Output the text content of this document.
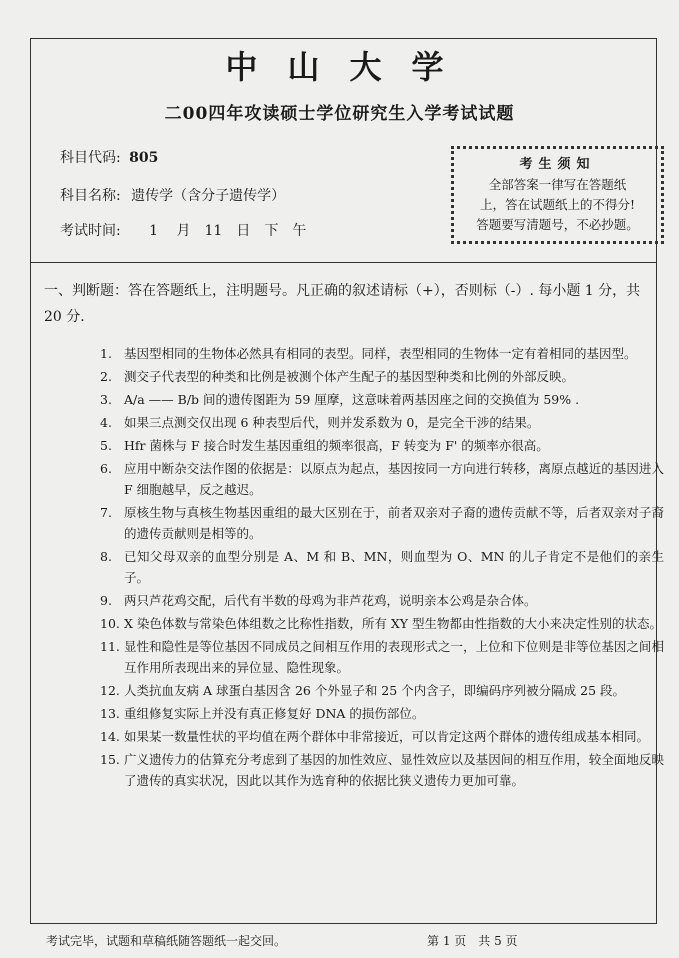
中山大学
二00四年攻读硕士学位研究生入学考试试题
科目代码: 805
科目名称: 遗传学（含分子遗传学）
考试时间: 1　 月　11　日　下　午
考生须知
全部答案一律写在答题纸
上，答在试题纸上的不得分!
答题要写清题号，不必抄题。
一、判断题：答在答题纸上，注明题号。凡正确的叙述请标（+），否则标（-）. 每小题 1 分，共 20 分.
1. 基因型相同的生物体必然具有相同的表型。同样，表型相同的生物体一定有着相同的基因型。
2. 测交子代表型的种类和比例是被测个体产生配子的基因型种类和比例的外部反映。
3. A/a —— B/b 间的遗传图距为 59 厘摩，这意味着两基因座之间的交换值为 59% .
4. 如果三点测交仅出现 6 种表型后代，则并发系数为 0，是完全干涉的结果。
5. Hfr 菌株与 F 接合时发生基因重组的频率很高，F 转变为 F' 的频率亦很高。
6. 应用中断杂交法作图的依据是：以原点为起点，基因按同一方向进行转移，离原点越近的基因进入 F 细胞越早，反之越迟。
7. 原核生物与真核生物基因重组的最大区别在于，前者双亲对子裔的遗传贡献不等，后者双亲对子裔的遗传贡献则是相等的。
8. 已知父母双亲的血型分别是 A、M 和 B、MN，则血型为 O、MN 的儿子肯定不是他们的亲生子。
9. 两只芦花鸡交配，后代有半数的母鸡为非芦花鸡，说明亲本公鸡是杂合体。
10. X 染色体数与常染色体组数之比称性指数，所有 XY 型生物都由性指数的大小来决定性别的状态。
11. 显性和隐性是等位基因不同成员之间相互作用的表现形式之一，上位和下位则是非等位基因之间相互作用所表现出来的异位显、隐性现象。
12. 人类抗血友病 A 球蛋白基因含 26 个外显子和 25 个内含子，即编码序列被分隔成 25 段。
13. 重组修复实际上并没有真正修复好 DNA 的损伤部位。
14. 如果某一数量性状的平均值在两个群体中非常接近，可以肯定这两个群体的遗传组成基本相同。
15. 广义遗传力的估算充分考虑到了基因的加性效应、显性效应以及基因间的相互作用，较全面地反映了遗传的真实状况，因此以其作为选育种的依据比狭义遗传力更加可靠。
考试完毕，试题和草稿纸随答题纸一起交回。	第 1 页　共 5 页
